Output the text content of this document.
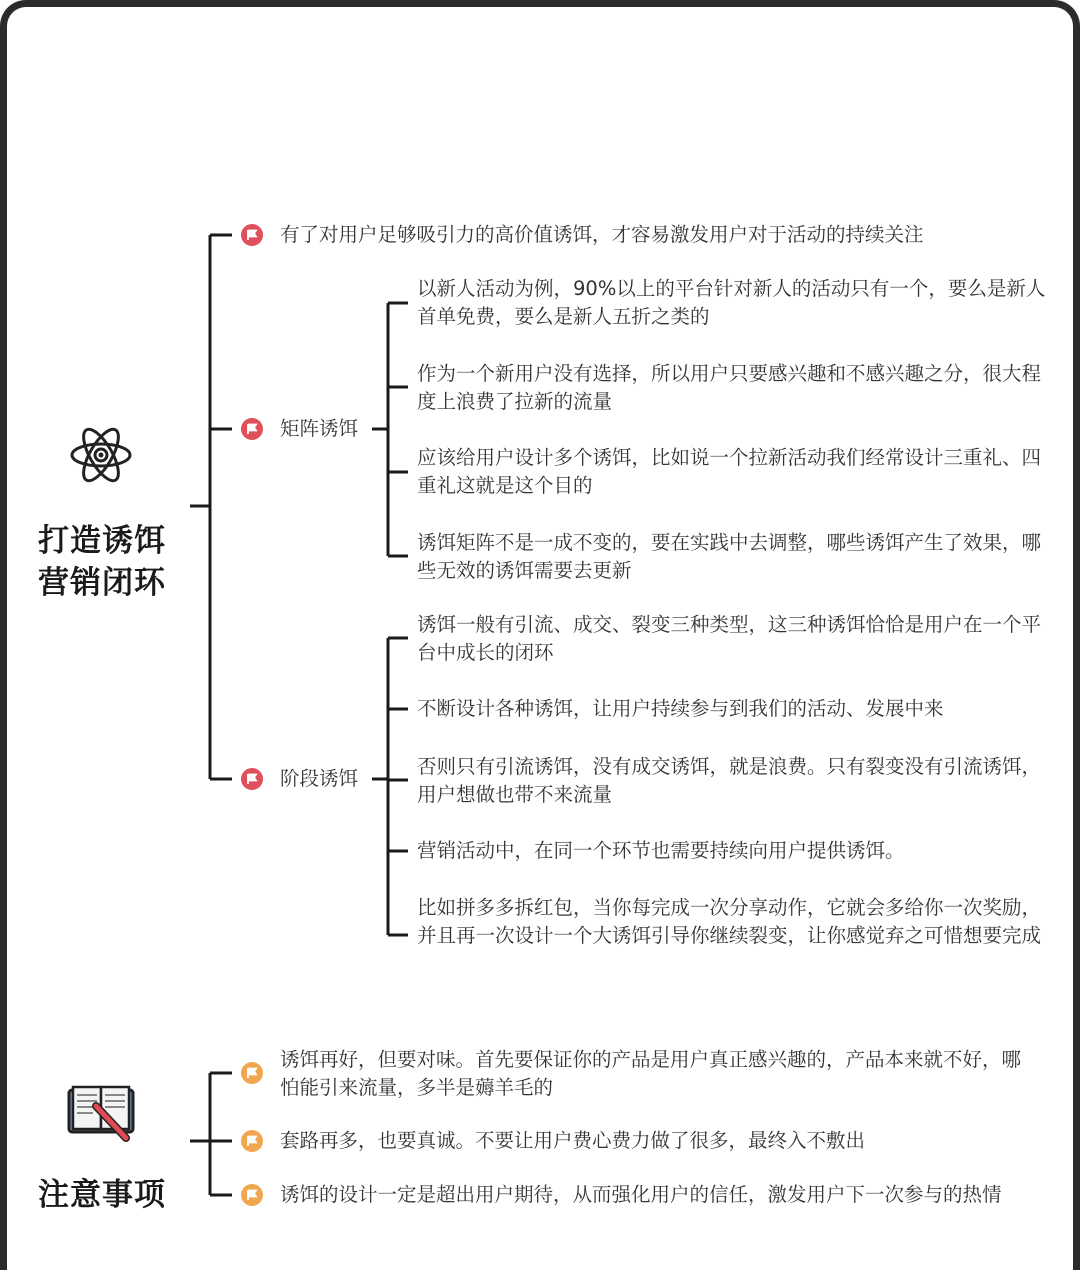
打造诱饵
营销闭环
有了对用户足够吸引力的高价值诱饵，才容易激发用户对于活动的持续关注
矩阵诱饵
以新人活动为例，90%以上的平台针对新人的活动只有一个，要么是新人首单免费，要么是新人五折之类的
作为一个新用户没有选择，所以用户只要感兴趣和不感兴趣之分，很大程度上浪费了拉新的流量
应该给用户设计多个诱饵，比如说一个拉新活动我们经常设计三重礼、四重礼这就是这个目的
诱饵矩阵不是一成不变的，要在实践中去调整，哪些诱饵产生了效果，哪些无效的诱饵需要去更新
阶段诱饵
诱饵一般有引流、成交、裂变三种类型，这三种诱饵恰恰是用户在一个平台中成长的闭环
不断设计各种诱饵，让用户持续参与到我们的活动、发展中来
否则只有引流诱饵，没有成交诱饵，就是浪费。只有裂变没有引流诱饵，用户想做也带不来流量
营销活动中，在同一个环节也需要持续向用户提供诱饵。
比如拼多多拆红包，当你每完成一次分享动作，它就会多给你一次奖励，并且再一次设计一个大诱饵引导你继续裂变，让你感觉弃之可惜想要完成
注意事项
诱饵再好，但要对味。首先要保证你的产品是用户真正感兴趣的，产品本来就不好，哪怕能引来流量，多半是薅羊毛的
套路再多，也要真诚。不要让用户费心费力做了很多，最终入不敷出
诱饵的设计一定是超出用户期待，从而强化用户的信任，激发用户下一次参与的热情
